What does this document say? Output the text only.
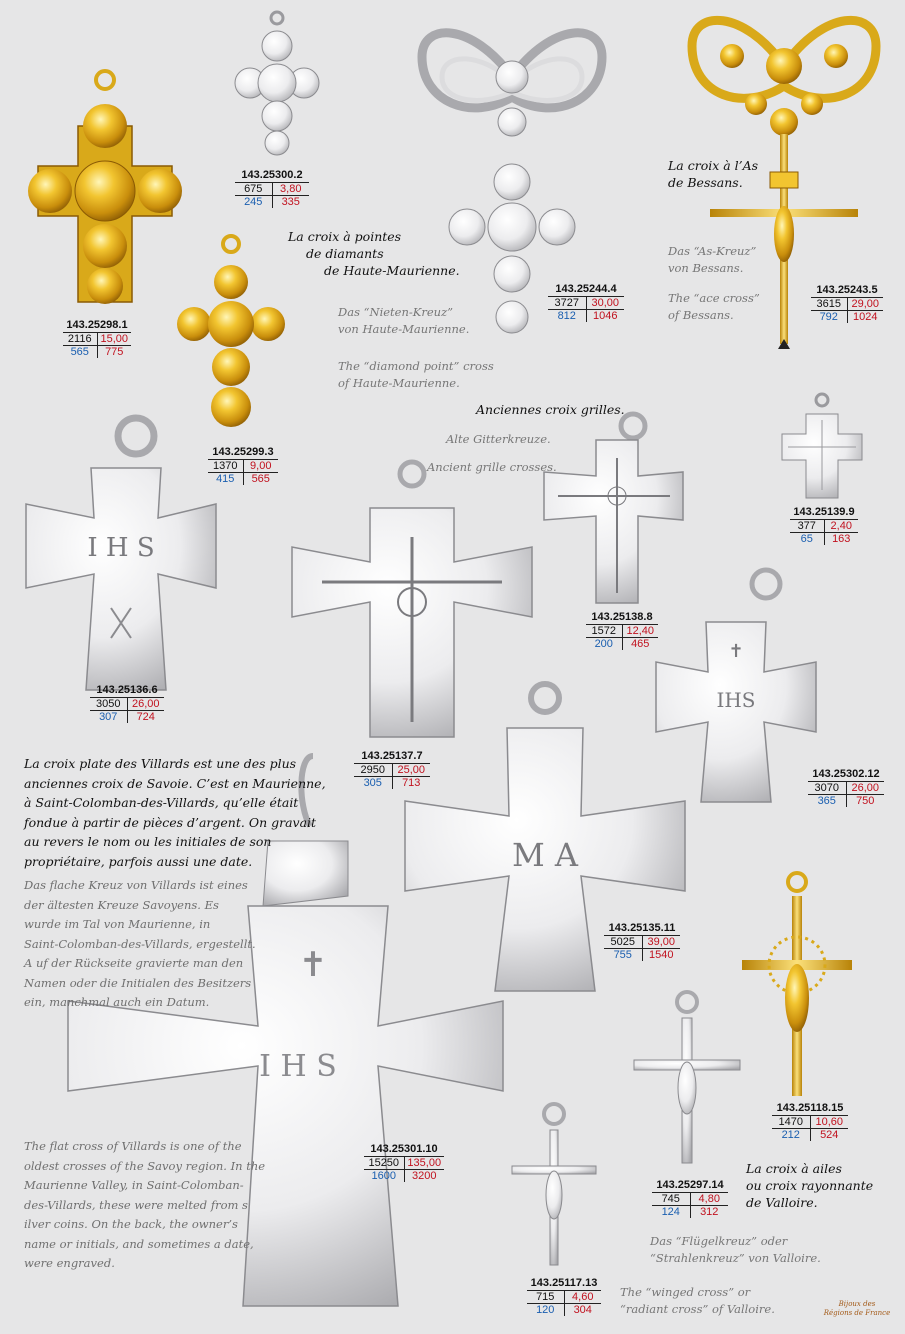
I H S
IHS
✝
M A
I H S
✝
143.25298.1
2116 15,00
565	775
143.25300.2
675	3,80
245	335
143.25299.3
1370	9,00
415	565
143.25244.4
3727	30,00
812	1046
143.25243.5
3615 29,00
792	1024
143.25139.9
377	2,40
65	163
143.25138.8
1572 12,40
200	465
143.25136.6
3050	26,00
307	724
143.25137.7
2950	25,00
305	713
143.25302.12
3070	26,00
365	750
143.25135.11
5025	39,00
755	1540
143.25118.15
1470	10,60
212	524
143.25301.10
15250 135,00
1600	3200
143.25297.14
745	4,80
124	312
143.25117.13
715	4,60
120	304
La croix à pointes
de diamants
de Haute-Maurienne.
Das “Nieten-Kreuz”
von Haute-Maurienne.
The “diamond point” cross
of Haute-Maurienne.
La croix à l’As
de Bessans.
Das “As-Kreuz”
von Bessans.
The “ace cross”
of Bessans.
Anciennes croix grilles.
Alte Gitterkreuze.
Ancient grille crosses.
La croix plate des Villards est une des plus
anciennes croix de Savoie. C’est en Maurienne,
à Saint-Colomban-des-Villards, qu’elle était
fondue à partir de pièces d’argent. On gravait
au revers le nom ou les initiales de son
propriétaire, parfois aussi une date.
Das flache Kreuz von Villards ist eines
der ältesten Kreuze Savoyens. Es
wurde im Tal von Maurienne, in
Saint-Colomban-des-Villards, ergestellt.
A uf der Rückseite gravierte man den
Namen oder die Initialen des Besitzers
ein, manchmal auch ein Datum.
The flat cross of Villards is one of the
oldest crosses of the Savoy region. In the
Maurienne Valley, in Saint-Colomban-
des-Villards, these were melted from s
ilver coins. On the back, the owner’s
name or initials, and sometimes a date,
were engraved.
La croix à ailes
ou croix rayonnante
de Valloire.
Das “Flügelkreuz” oder
“Strahlenkreuz” von Valloire.
The “winged cross” or
“radiant cross” of Valloire.	Bijoux des
Régions de France
